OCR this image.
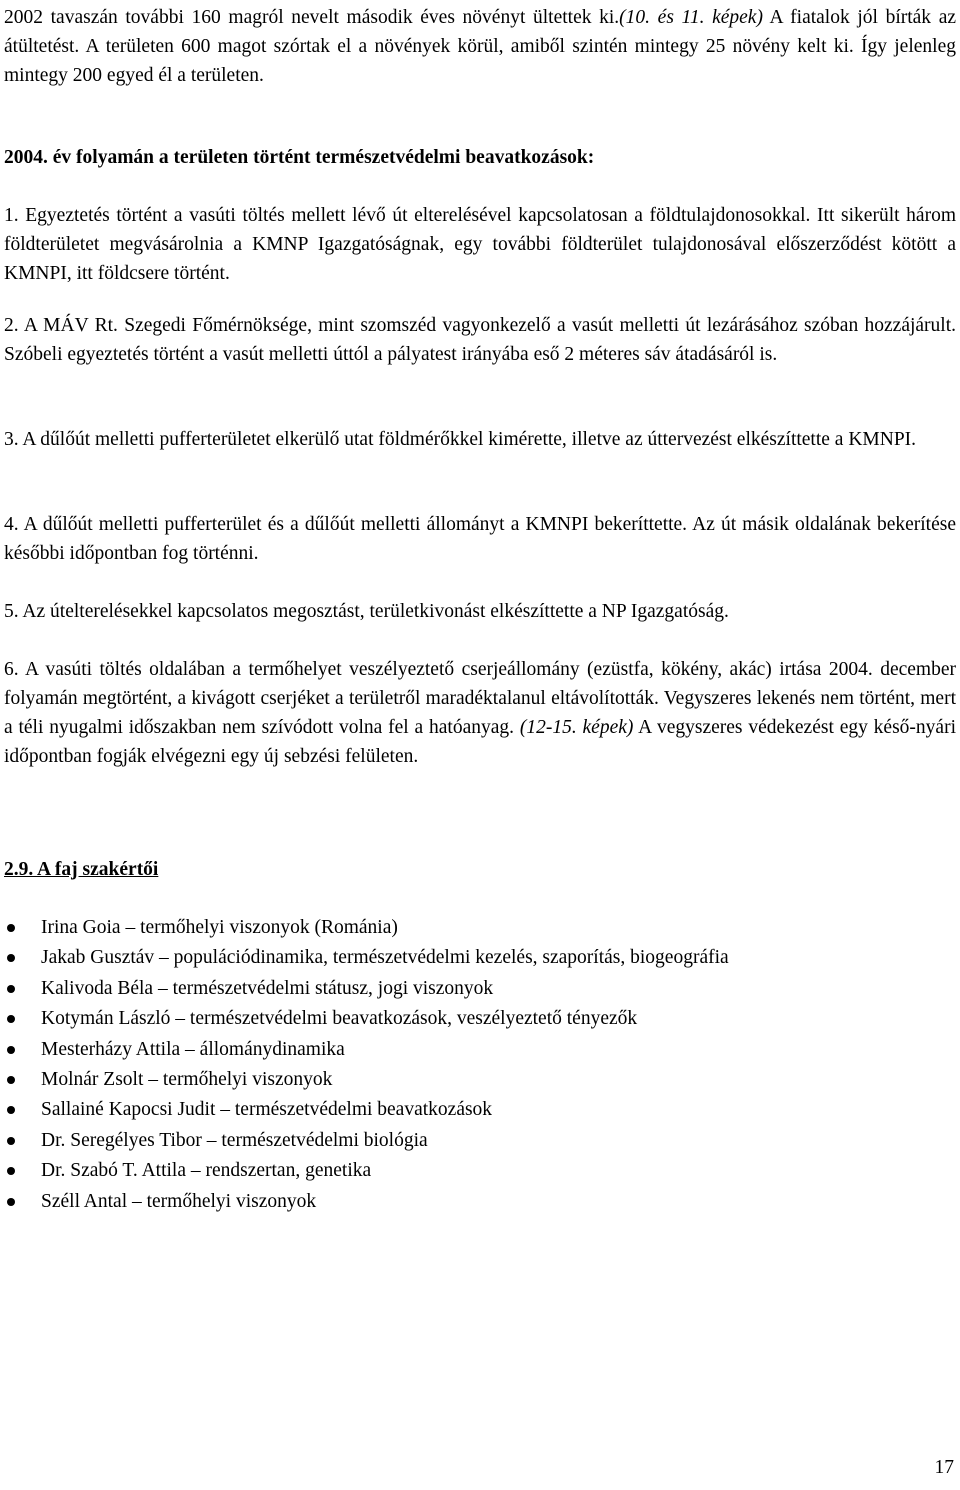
2002 tavaszán további 160 magról nevelt második éves növényt ültettek ki.(10. és 11. képek) A fiatalok jól bírták az átültetést. A területen 600 magot szórtak el a növények körül, amiből szintén mintegy 25 növény kelt ki. Így jelenleg mintegy 200 egyed él a területen.

2004. év folyamán a területen történt természetvédelmi beavatkozások:

1. Egyeztetés történt a vasúti töltés mellett lévő út elterelésével kapcsolatosan a földtulajdonosokkal. Itt sikerült három földterületet megvásárolnia a KMNP Igazgatóságnak, egy további földterület tulajdonosával előszerződést kötött a KMNPI, itt földcsere történt.

2. A MÁV Rt. Szegedi Főmérnöksége, mint szomszéd vagyonkezelő a vasút melletti út lezárásához szóban hozzájárult. Szóbeli egyeztetés történt a vasút melletti úttól a pályatest irányába eső 2 méteres sáv átadásáról is.

3. A dűlőút melletti pufferterületet elkerülő utat földmérőkkel kimérette, illetve az úttervezést elkészíttette a KMNPI.

4. A dűlőút melletti pufferterület és a dűlőút melletti állományt a KMNPI bekeríttette. Az út másik oldalának bekerítése későbbi időpontban fog történni.

5. Az útelterelésekkel kapcsolatos megosztást, területkivonást elkészíttette a NP Igazgatóság.

6. A vasúti töltés oldalában a termőhelyet veszélyeztető cserjeállomány (ezüstfa, kökény, akác) irtása 2004. december folyamán megtörtént, a kivágott cserjéket a területről maradéktalanul eltávolították. Vegyszeres lekenés nem történt, mert a téli nyugalmi időszakban nem szívódott volna fel a hatóanyag. (12-15. képek) A vegyszeres védekezést egy késő-nyári időpontban fogják elvégezni egy új sebzési felületen.

2.9. A faj szakértői
Irina Goia – termőhelyi viszonyok (Románia)
Jakab Gusztáv – populációdinamika, természetvédelmi kezelés, szaporítás, biogeográfia
Kalivoda Béla – természetvédelmi státusz, jogi viszonyok
Kotymán László – természetvédelmi beavatkozások, veszélyeztető tényezők
Mesterházy Attila – állománydinamika
Molnár Zsolt – termőhelyi viszonyok
Sallainé Kapocsi Judit – természetvédelmi beavatkozások
Dr. Seregélyes Tibor – természetvédelmi biológia
Dr. Szabó T. Attila – rendszertan, genetika
Széll Antal – termőhelyi viszonyok
17
